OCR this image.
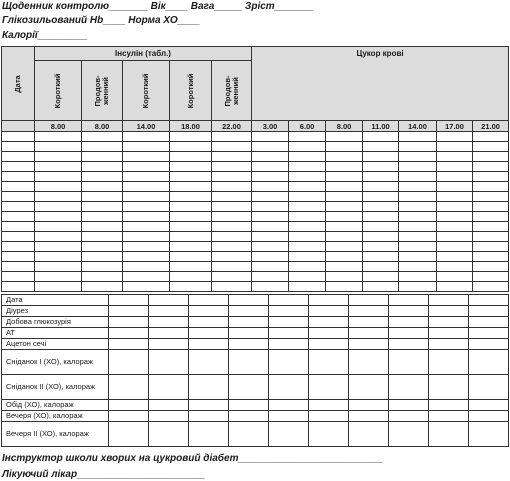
Щоденник контролю_______ Вік____ Вага_____ Зріст_______
Глікозильований Hb____ Норма ХО____
Калорії_________
Дата	Інсулін (табл.)					Цукор крові						

	Короткий	Продов-женний	Короткий	Короткий	Продов-женний							

	8.00	8.00	14.00	18.00	22.00	3.00	6.00	8.00	11.00	14.00	17.00	21.00

Дата										
Діурез										
Добова глюкозурія										
АТ										
Ацетон сечі										
Сніданок І (ХО), калораж										
Сніданок ІІ (ХО), калораж										
Обід (ХО), калораж										
Вечеря (ХО), калораж										
Вечеря ІІ (ХО), калораж										
Інструктор школи хворих на цукровий діабет__________________________
Лікуючий лікар_______________________
